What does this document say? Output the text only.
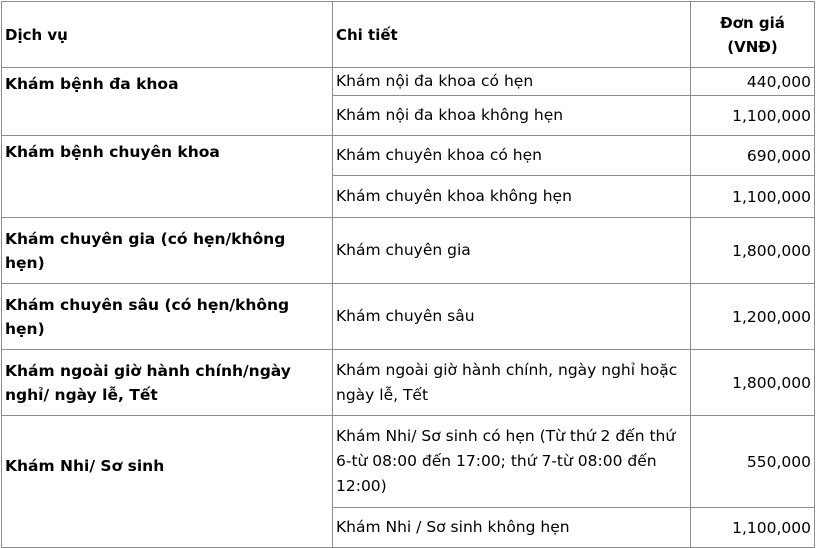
Dịch vụ	Chi tiết	Đơn giá
(VNĐ)

Khám bệnh đa khoa	Khám nội đa khoa có hẹn	440,000
	Khám nội đa khoa không hẹn	1,100,000
Khám bệnh chuyên khoa	Khám chuyên khoa có hẹn	690,000
	Khám chuyên khoa không hẹn	1,100,000
Khám chuyên gia (có hẹn/không hẹn)	Khám chuyên gia	1,800,000
Khám chuyên sâu (có hẹn/không hẹn)	Khám chuyên sâu	1,200,000
Khám ngoài giờ hành chính/ngày nghỉ/ ngày lễ, Tết	Khám ngoài giờ hành chính, ngày nghỉ hoặc ngày lễ, Tết	1,800,000
Khám Nhi/ Sơ sinh	Khám Nhi/ Sơ sinh có hẹn (Từ thứ 2 đến thứ 6-từ 08:00 đến 17:00; thứ 7-từ 08:00 đến 12:00)	550,000
	Khám Nhi / Sơ sinh không hẹn	1,100,000
